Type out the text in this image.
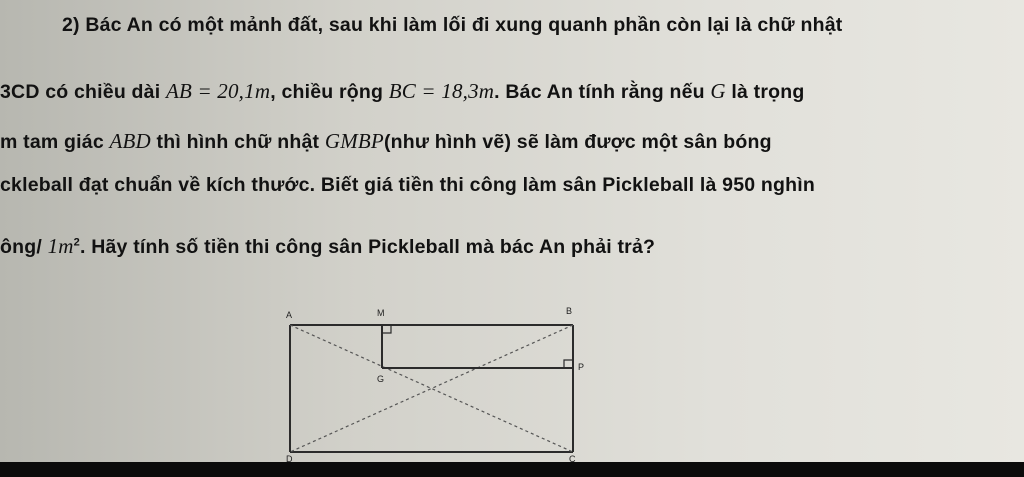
2) Bác An có một mảnh đất, sau khi làm lối đi xung quanh phần còn lại là chữ nhật
3CD có chiều dài AB = 20,1m, chiều rộng BC = 18,3m. Bác An tính rằng nếu G là trọng
m tam giác ABD thì hình chữ nhật GMBP(như hình vẽ) sẽ làm được một sân bóng
ckleball đạt chuẩn về kích thước. Biết giá tiền thi công làm sân Pickleball là 950 nghìn
ông/ $1m^2$. Hãy tính số tiền thi công sân Pickleball mà bác An phải trả?
A	M	B
P
G
C
D
